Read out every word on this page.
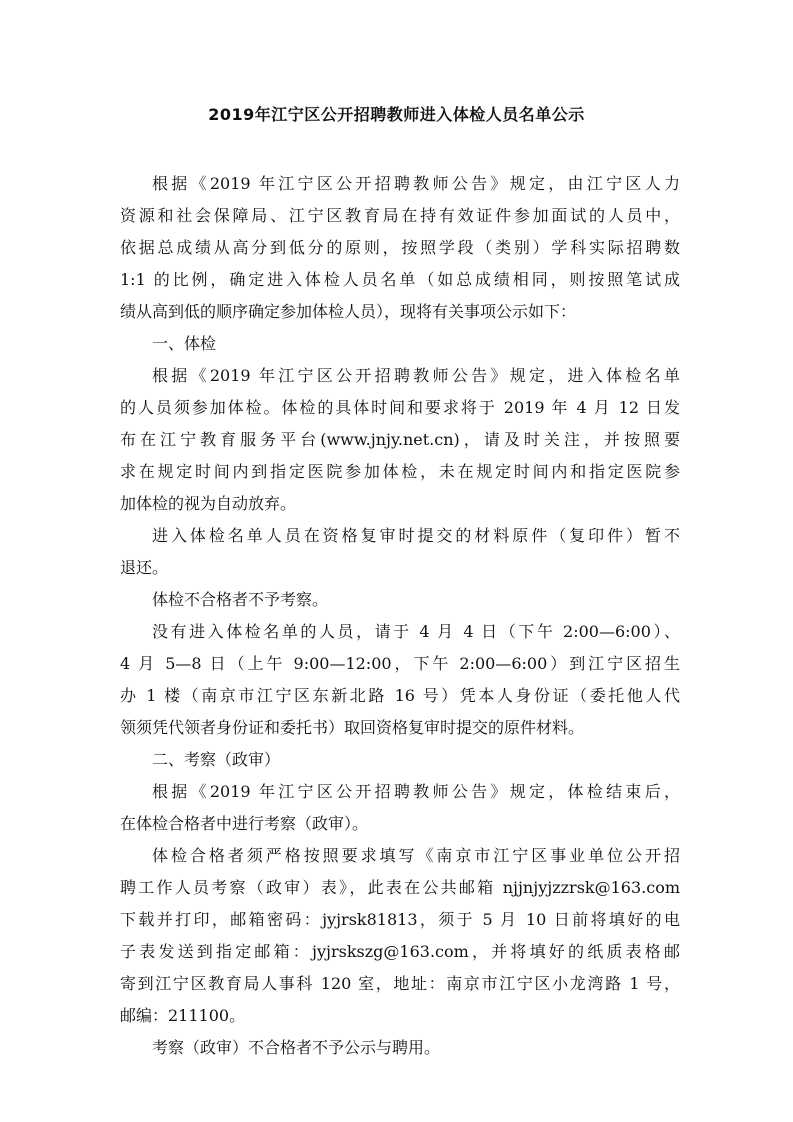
2019年江宁区公开招聘教师进入体检人员名单公示
根据《2019 年江宁区公开招聘教师公告》规定，由江宁区人力
资源和社会保障局、江宁区教育局在持有效证件参加面试的人员中，
依据总成绩从高分到低分的原则，按照学段（类别）学科实际招聘数
1:1 的比例，确定进入体检人员名单（如总成绩相同，则按照笔试成
绩从高到低的顺序确定参加体检人员），现将有关事项公示如下：
一、体检
根据《2019 年江宁区公开招聘教师公告》规定，进入体检名单
的人员须参加体检。体检的具体时间和要求将于 2019 年 4 月 12 日发
布在江宁教育服务平台(www.jnjy.net.cn)，请及时关注，并按照要
求在规定时间内到指定医院参加体检，未在规定时间内和指定医院参
加体检的视为自动放弃。
进入体检名单人员在资格复审时提交的材料原件（复印件）暂不
退还。
体检不合格者不予考察。
没有进入体检名单的人员，请于 4 月 4 日（下午 2:00—6:00）、
4 月 5—8 日（上午 9:00—12:00，下午 2:00—6:00）到江宁区招生
办 1 楼（南京市江宁区东新北路 16 号）凭本人身份证（委托他人代
领须凭代领者身份证和委托书）取回资格复审时提交的原件材料。
二、考察（政审）
根据《2019 年江宁区公开招聘教师公告》规定，体检结束后，
在体检合格者中进行考察（政审）。
体检合格者须严格按照要求填写《南京市江宁区事业单位公开招
聘工作人员考察（政审）表》，此表在公共邮箱 njjnjyjzzrsk@163.com
下载并打印，邮箱密码：jyjrsk81813，须于 5 月 10 日前将填好的电
子表发送到指定邮箱：jyjrskszg@163.com，并将填好的纸质表格邮
寄到江宁区教育局人事科 120 室，地址：南京市江宁区小龙湾路 1 号，
邮编：211100。
考察（政审）不合格者不予公示与聘用。
